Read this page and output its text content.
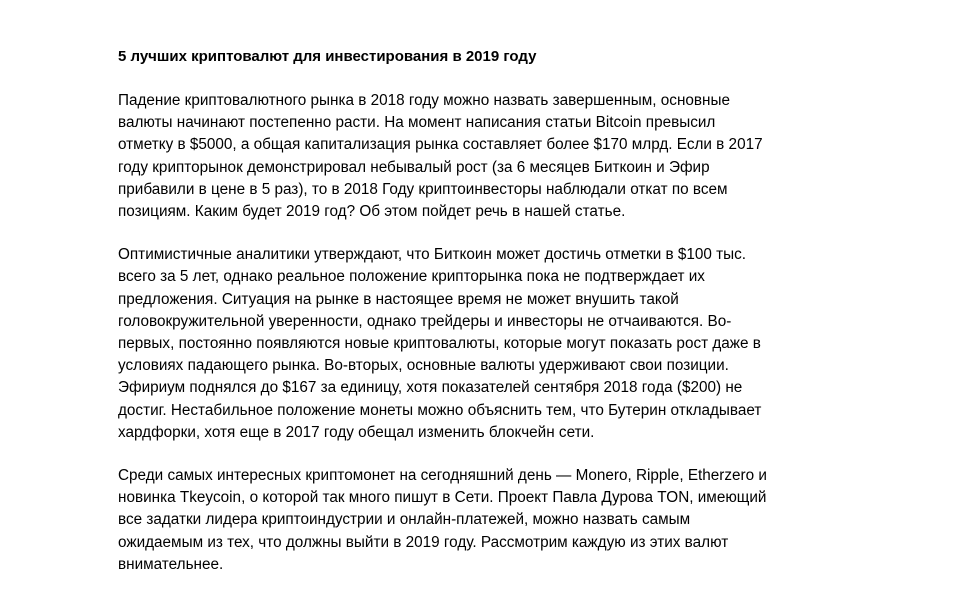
5 лучших криптовалют для инвестирования в 2019 году
Падение криптовалютного рынка в 2018 году можно назвать завершенным, основные
валюты начинают постепенно расти. На момент написания статьи Bitcoin превысил
отметку в $5000, а общая капитализация рынка составляет более $170 млрд. Если в 2017
году крипторынок демонстрировал небывалый рост (за 6 месяцев Биткоин и Эфир
прибавили в цене в 5 раз), то в 2018 Году криптоинвесторы наблюдали откат по всем
позициям. Каким будет 2019 год? Об этом пойдет речь в нашей статье.
Оптимистичные аналитики утверждают, что Биткоин может достичь отметки в $100 тыс.
всего за 5 лет, однако реальное положение крипторынка пока не подтверждает их
предложения. Ситуация на рынке в настоящее время не может внушить такой
головокружительной уверенности, однако трейдеры и инвесторы не отчаиваются. Во-
первых, постоянно появляются новые криптовалюты, которые могут показать рост даже в
условиях падающего рынка. Во-вторых, основные валюты удерживают свои позиции.
Эфириум поднялся до $167 за единицу, хотя показателей сентября 2018 года ($200) не
достиг. Нестабильное положение монеты можно объяснить тем, что Бутерин откладывает
хардфорки, хотя еще в 2017 году обещал изменить блокчейн сети.
Среди самых интересных криптомонет на сегодняшний день — Monero, Ripple, Etherzero и
новинка Tkeycoin, о которой так много пишут в Сети. Проект Павла Дурова TON, имеющий
все задатки лидера криптоиндустрии и онлайн-платежей, можно назвать самым
ожидаемым из тех, что должны выйти в 2019 году. Рассмотрим каждую из этих валют
внимательнее.
